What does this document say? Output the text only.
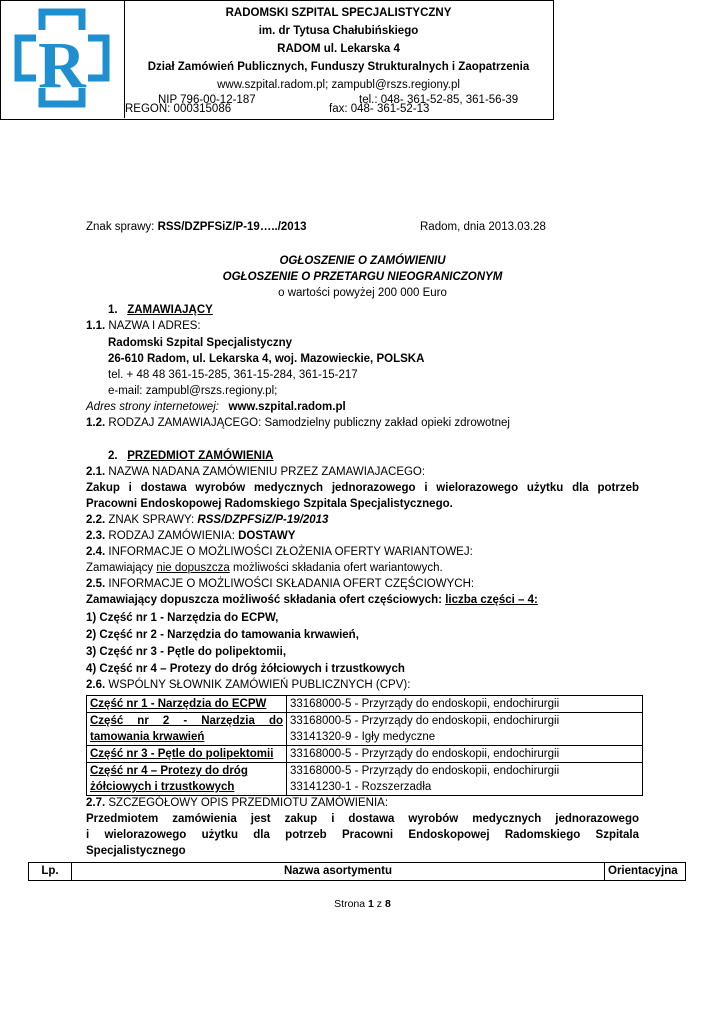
R
RADOMSKI SZPITAL SPECJALISTYCZNY
im. dr Tytusa Chałubińskiego
RADOM ul. Lekarska 4
Dział Zamówień Publicznych, Funduszy Strukturalnych i Zaopatrzenia
www.szpital.radom.pl; zampubl@rszs.regiony.pl
NIP 796-00-12-187	tel.: 048- 361-52-85, 361-56-39
REGON: 000315086	fax: 048- 361-52-13
Znak sprawy: RSS/DZPFSiZ/P-19…../2013	Radom, dnia 2013.03.28
OGŁOSZENIE O ZAMÓWIENIU
OGŁOSZENIE O PRZETARGU NIEOGRANICZONYM
o wartości powyżej 200 000 Euro
1. ZAMAWIAJĄCY
1.1. NAZWA I ADRES:
Radomski Szpital Specjalistyczny
26-610 Radom, ul. Lekarska 4, woj. Mazowieckie, POLSKA
tel. + 48 48 361-15-285, 361-15-284, 361-15-217
e-mail: zampubl@rszs.regiony.pl;
Adres strony internetowej: www.szpital.radom.pl
1.2. RODZAJ ZAMAWIAJĄCEGO: Samodzielny publiczny zakład opieki zdrowotnej
2. PRZEDMIOT ZAMÓWIENIA
2.1. NAZWA NADANA ZAMÓWIENIU PRZEZ ZAMAWIAJACEGO:
Zakup i dostawa wyrobów medycznych jednorazowego i wielorazowego użytku dla potrzeb
Pracowni Endoskopowej Radomskiego Szpitala Specjalistycznego.
2.2. ZNAK SPRAWY: RSS/DZPFSiZ/P-19/2013
2.3. RODZAJ ZAMÓWIENIA: DOSTAWY
2.4. INFORMACJE O MOŻLIWOŚCI ZŁOŻENIA OFERTY WARIANTOWEJ:
Zamawiający nie dopuszcza możliwości składania ofert wariantowych.
2.5. INFORMACJE O MOŻLIWOŚCI SKŁADANIA OFERT CZĘŚCIOWYCH:
Zamawiający dopuszcza możliwość składania ofert częściowych: liczba części – 4:
1) Część nr 1 - Narzędzia do ECPW,
2) Część nr 2 - Narzędzia do tamowania krwawień,
3) Część nr 3 - Pętle do polipektomii,
4) Część nr 4 – Protezy do dróg żółciowych i trzustkowych
2.6. WSPÓLNY SŁOWNIK ZAMÓWIEŃ PUBLICZNYCH (CPV):
Część nr 1 - Narzędzia do ECPW	33168000-5 - Przyrządy do endoskopii, endochirurgii

Część nr 2 - Narzędzia do tamowania krwawień	33168000-5 - Przyrządy do endoskopii, endochirurgii
33141320-9 - Igły medyczne

Część nr 3 - Pętle do polipektomii	33168000-5 - Przyrządy do endoskopii, endochirurgii

Część nr 4 – Protezy do dróg żółciowych i trzustkowych	33168000-5 - Przyrządy do endoskopii, endochirurgii
33141230-1 - Rozszerzadła
2.7. SZCZEGÓŁOWY OPIS PRZEDMIOTU ZAMÓWIENIA:
Przedmiotem zamówienia jest zakup i dostawa wyrobów medycznych jednorazowego
i wielorazowego użytku dla potrzeb Pracowni Endoskopowej Radomskiego Szpitala
Specjalistycznego
Lp.	Nazwa asortymentu	Orientacyjna
Strona 1 z 8
